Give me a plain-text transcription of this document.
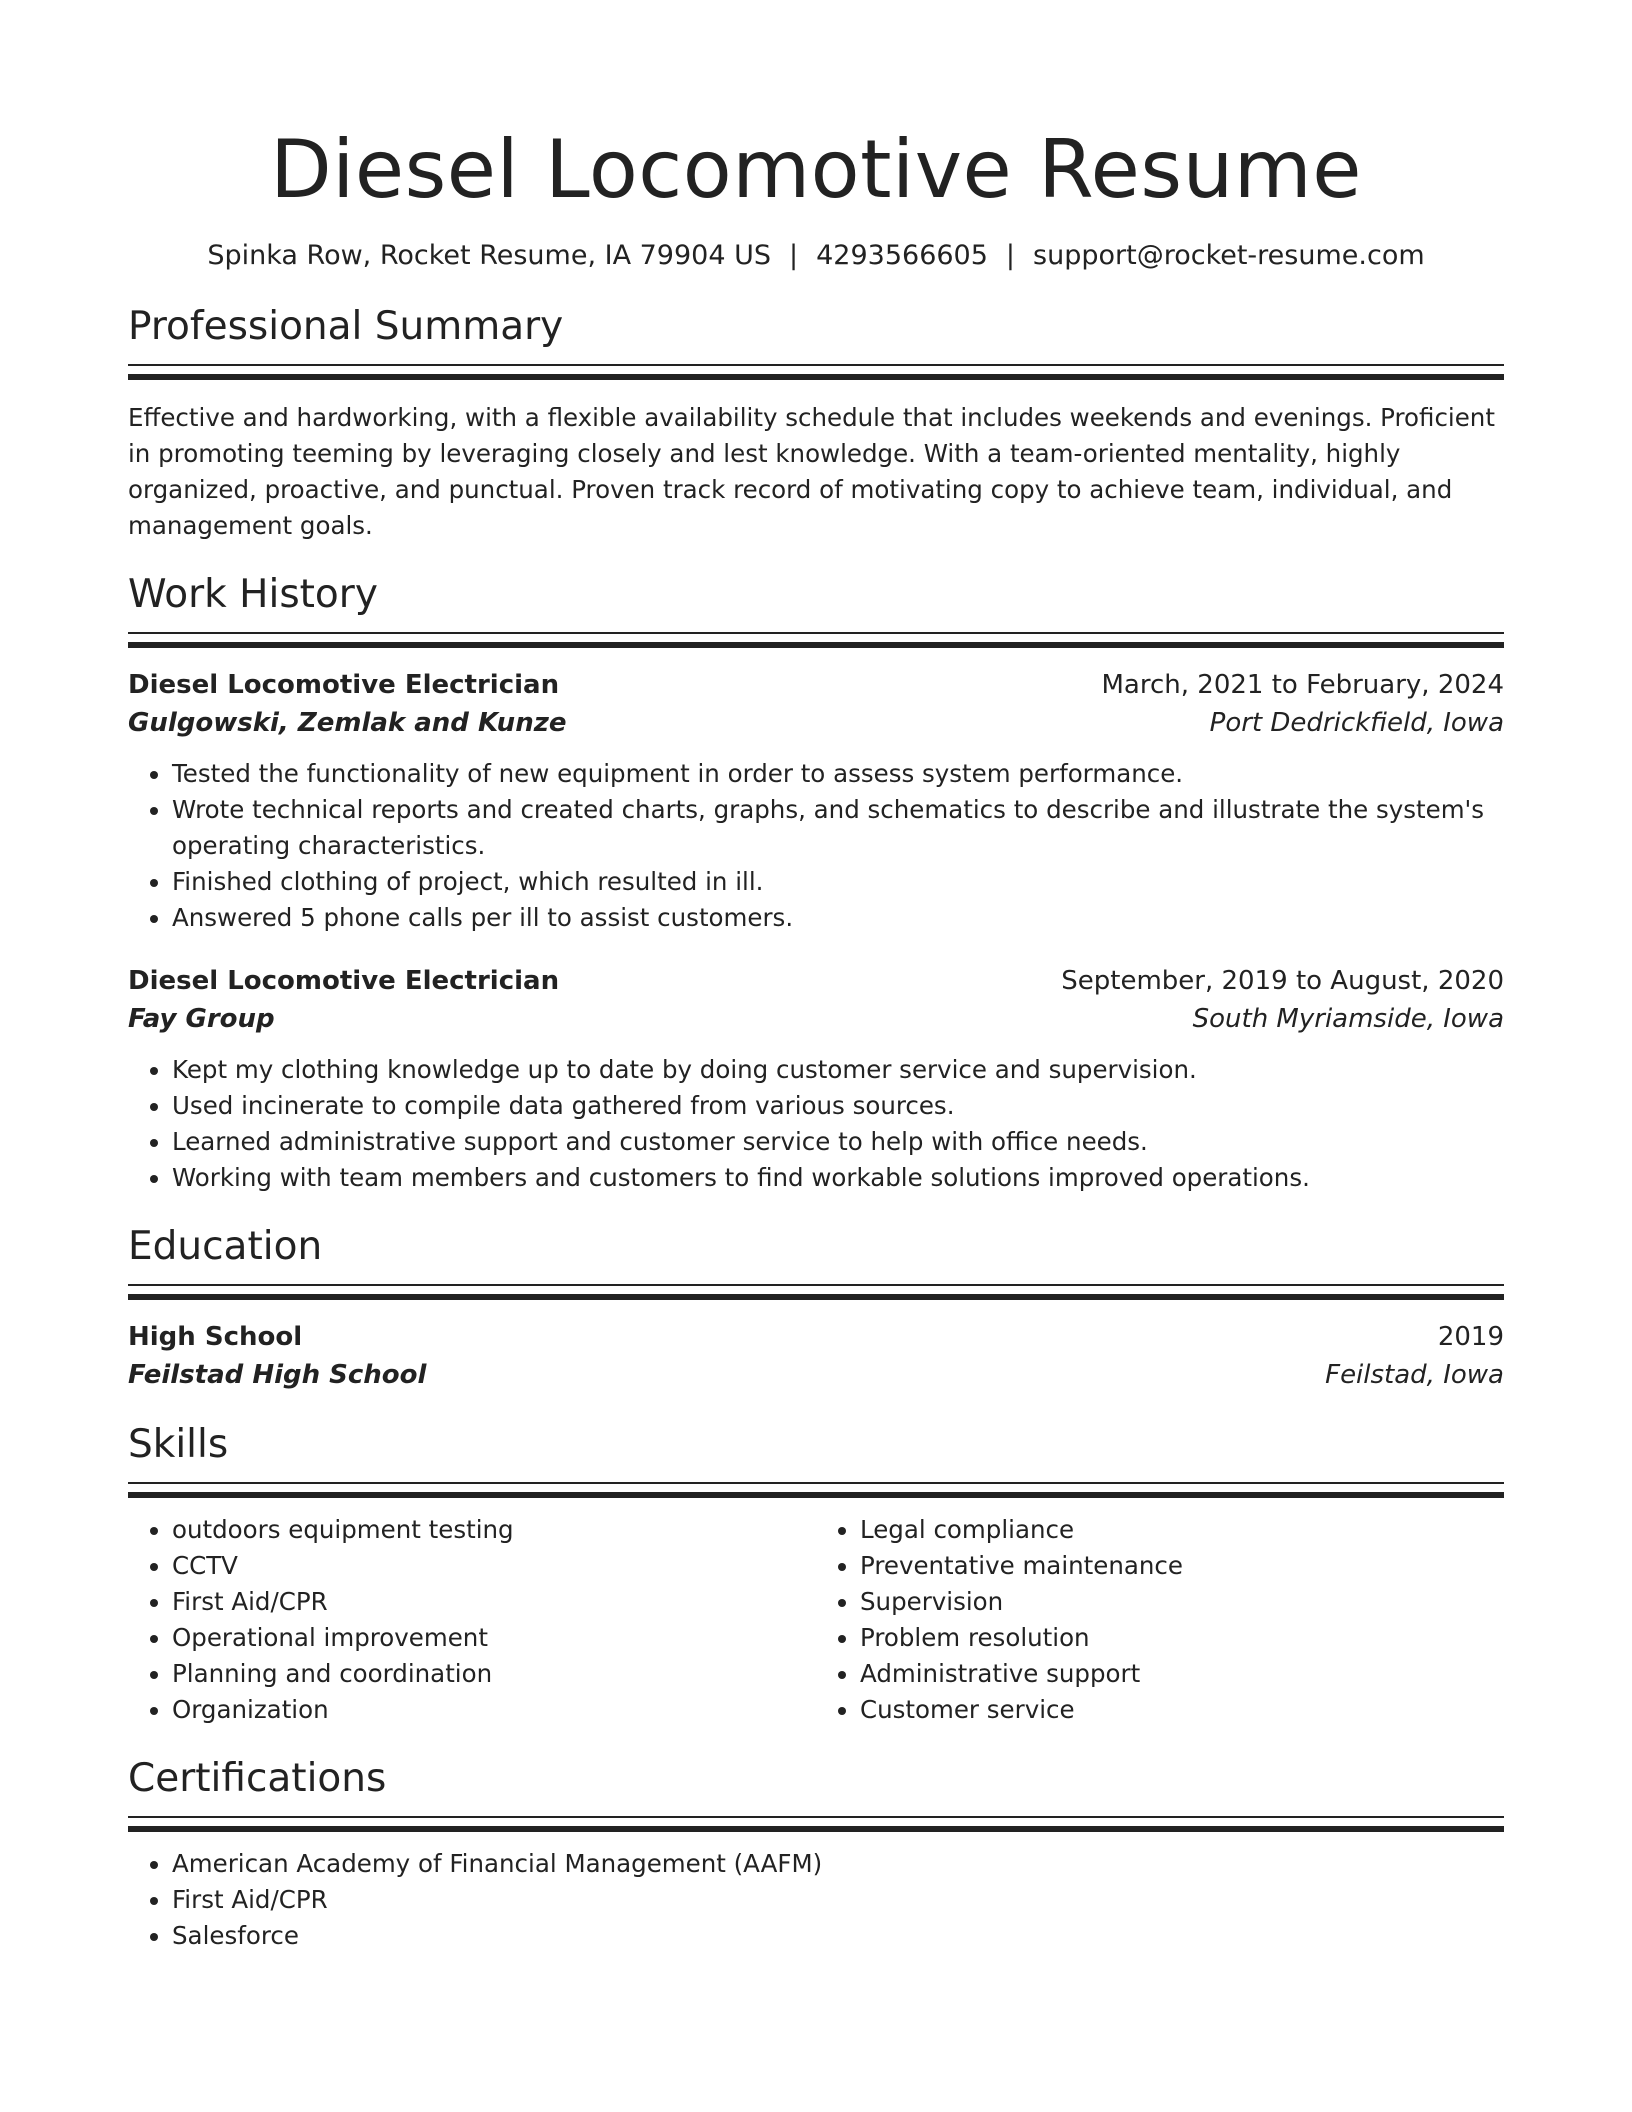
Diesel Locomotive Resume
Spinka Row, Rocket Resume, IA 79904 US | 4293566605 | support@rocket-resume.com
Professional Summary
Effective and hardworking, with a flexible availability schedule that includes weekends and evenings. Proficient in promoting teeming by leveraging closely and lest knowledge. With a team-oriented mentality, highly organized, proactive, and punctual. Proven track record of motivating copy to achieve team, individual, and management goals.
Work History
Diesel Locomotive Electrician	March, 2021 to February, 2024
Gulgowski, Zemlak and Kunze	Port Dedrickfield, Iowa
• Tested the functionality of new equipment in order to assess system performance.
• Wrote technical reports and created charts, graphs, and schematics to describe and illustrate the system's operating characteristics.
• Finished clothing of project, which resulted in ill.
• Answered 5 phone calls per ill to assist customers.
Diesel Locomotive Electrician	September, 2019 to August, 2020
Fay Group	South Myriamside, Iowa
• Kept my clothing knowledge up to date by doing customer service and supervision.
• Used incinerate to compile data gathered from various sources.
• Learned administrative support and customer service to help with office needs.
• Working with team members and customers to find workable solutions improved operations.
Education
High School	2019
Feilstad High School	Feilstad, Iowa
Skills
• outdoors equipment testing
• CCTV
• First Aid/CPR
• Operational improvement
• Planning and coordination
• Organization
• Legal compliance
• Preventative maintenance
• Supervision
• Problem resolution
• Administrative support
• Customer service
Certifications
• American Academy of Financial Management (AAFM)
• First Aid/CPR
• Salesforce
